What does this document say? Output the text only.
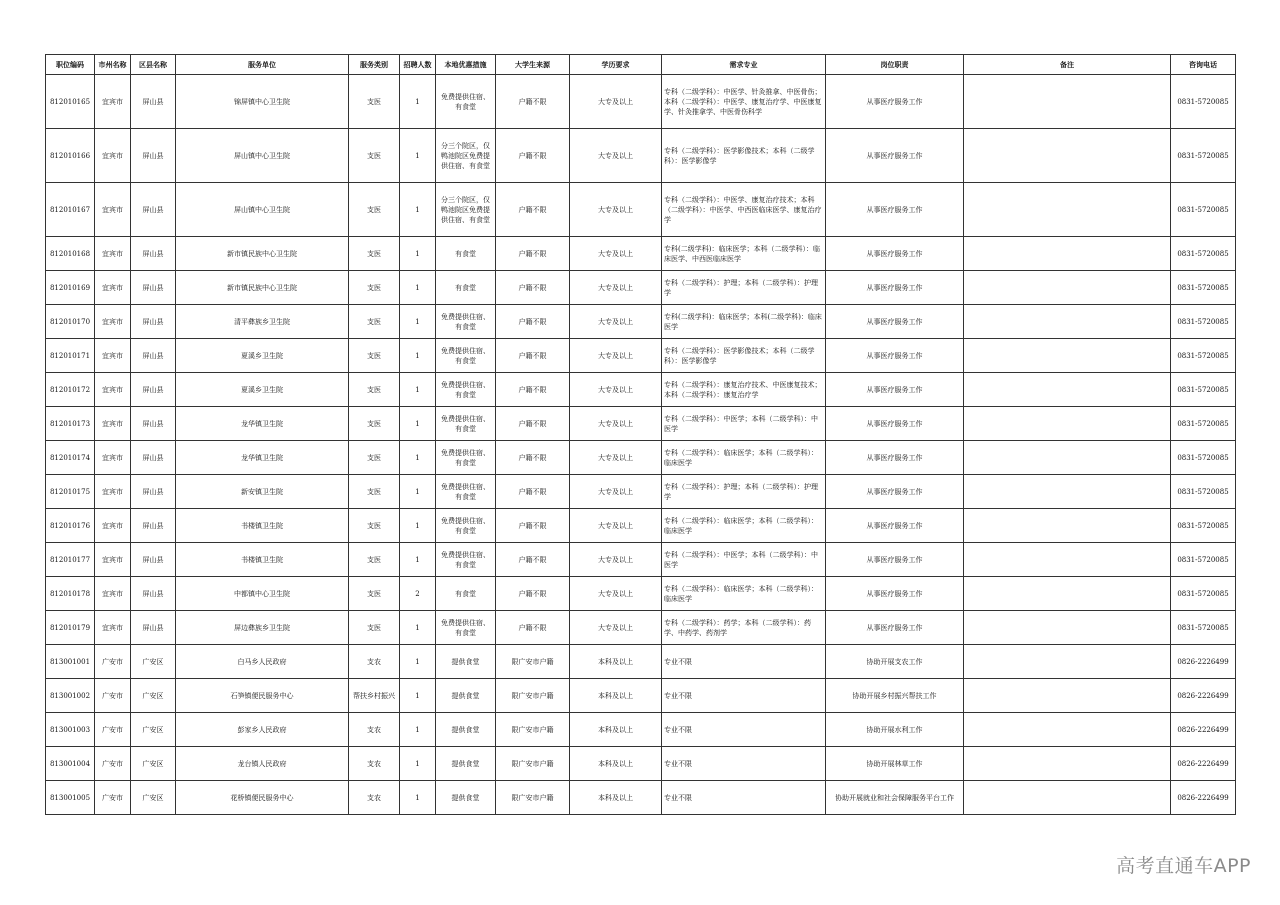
职位编码	市州名称	区县名称	服务单位	服务类别	招聘人数	本地优惠措施	大学生来源	学历要求	需求专业	岗位职责	备注	咨询电话
812010165	宜宾市	屏山县	锦屏镇中心卫生院	支医	1	免费提供住宿、有食堂	户籍不限	大专及以上	专科（二级学科）：中医学、针灸推拿、中医骨伤；本科（二级学科）：中医学、康复治疗学、中医康复学、针灸推拿学、中医骨伤科学	从事医疗服务工作		0831-5720085
812010166	宜宾市	屏山县	屏山镇中心卫生院	支医	1	分三个院区，仅鸭池院区免费提供住宿、有食堂	户籍不限	大专及以上	专科（二级学科）：医学影像技术；本科（二级学科）：医学影像学	从事医疗服务工作		0831-5720085
812010167	宜宾市	屏山县	屏山镇中心卫生院	支医	1	分三个院区，仅鸭池院区免费提供住宿、有食堂	户籍不限	大专及以上	专科（二级学科）：中医学、康复治疗技术；本科（二级学科）：中医学、中西医临床医学、康复治疗学	从事医疗服务工作		0831-5720085
812010168	宜宾市	屏山县	新市镇民族中心卫生院	支医	1	有食堂	户籍不限	大专及以上	专科(二级学科)：临床医学；本科（二级学科）：临床医学、中西医临床医学	从事医疗服务工作		0831-5720085
812010169	宜宾市	屏山县	新市镇民族中心卫生院	支医	1	有食堂	户籍不限	大专及以上	专科（二级学科）：护理；本科（二级学科）：护理学	从事医疗服务工作		0831-5720085
812010170	宜宾市	屏山县	清平彝族乡卫生院	支医	1	免费提供住宿、有食堂	户籍不限	大专及以上	专科(二级学科)：临床医学；本科(二级学科)：临床医学	从事医疗服务工作		0831-5720085
812010171	宜宾市	屏山县	夏溪乡卫生院	支医	1	免费提供住宿、有食堂	户籍不限	大专及以上	专科（二级学科）：医学影像技术；本科（二级学科）：医学影像学	从事医疗服务工作		0831-5720085
812010172	宜宾市	屏山县	夏溪乡卫生院	支医	1	免费提供住宿、有食堂	户籍不限	大专及以上	专科（二级学科）：康复治疗技术、中医康复技术；本科（二级学科）：康复治疗学	从事医疗服务工作		0831-5720085
812010173	宜宾市	屏山县	龙华镇卫生院	支医	1	免费提供住宿、有食堂	户籍不限	大专及以上	专科（二级学科）：中医学；本科（二级学科）：中医学	从事医疗服务工作		0831-5720085
812010174	宜宾市	屏山县	龙华镇卫生院	支医	1	免费提供住宿、有食堂	户籍不限	大专及以上	专科（二级学科）：临床医学；本科（二级学科）：临床医学	从事医疗服务工作		0831-5720085
812010175	宜宾市	屏山县	新安镇卫生院	支医	1	免费提供住宿、有食堂	户籍不限	大专及以上	专科（二级学科）：护理；本科（二级学科）：护理学	从事医疗服务工作		0831-5720085
812010176	宜宾市	屏山县	书楼镇卫生院	支医	1	免费提供住宿、有食堂	户籍不限	大专及以上	专科（二级学科）：临床医学；本科（二级学科）：临床医学	从事医疗服务工作		0831-5720085
812010177	宜宾市	屏山县	书楼镇卫生院	支医	1	免费提供住宿、有食堂	户籍不限	大专及以上	专科（二级学科）：中医学；本科（二级学科）：中医学	从事医疗服务工作		0831-5720085
812010178	宜宾市	屏山县	中都镇中心卫生院	支医	2	有食堂	户籍不限	大专及以上	专科（二级学科）：临床医学；本科（二级学科）：临床医学	从事医疗服务工作		0831-5720085
812010179	宜宾市	屏山县	屏边彝族乡卫生院	支医	1	免费提供住宿、有食堂	户籍不限	大专及以上	专科（二级学科）：药学；本科（二级学科）：药学、中药学、药剂学	从事医疗服务工作		0831-5720085
813001001	广安市	广安区	白马乡人民政府	支农	1	提供食堂	限广安市户籍	本科及以上	专业不限	协助开展支农工作		0826-2226499
813001002	广安市	广安区	石笋镇便民服务中心	帮扶乡村振兴	1	提供食堂	限广安市户籍	本科及以上	专业不限	协助开展乡村振兴帮扶工作		0826-2226499
813001003	广安市	广安区	彭家乡人民政府	支农	1	提供食堂	限广安市户籍	本科及以上	专业不限	协助开展水利工作		0826-2226499
813001004	广安市	广安区	龙台镇人民政府	支农	1	提供食堂	限广安市户籍	本科及以上	专业不限	协助开展林草工作		0826-2226499
813001005	广安市	广安区	花桥镇便民服务中心	支农	1	提供食堂	限广安市户籍	本科及以上	专业不限	协助开展就业和社会保障服务平台工作		0826-2226499
高考直通车APP
